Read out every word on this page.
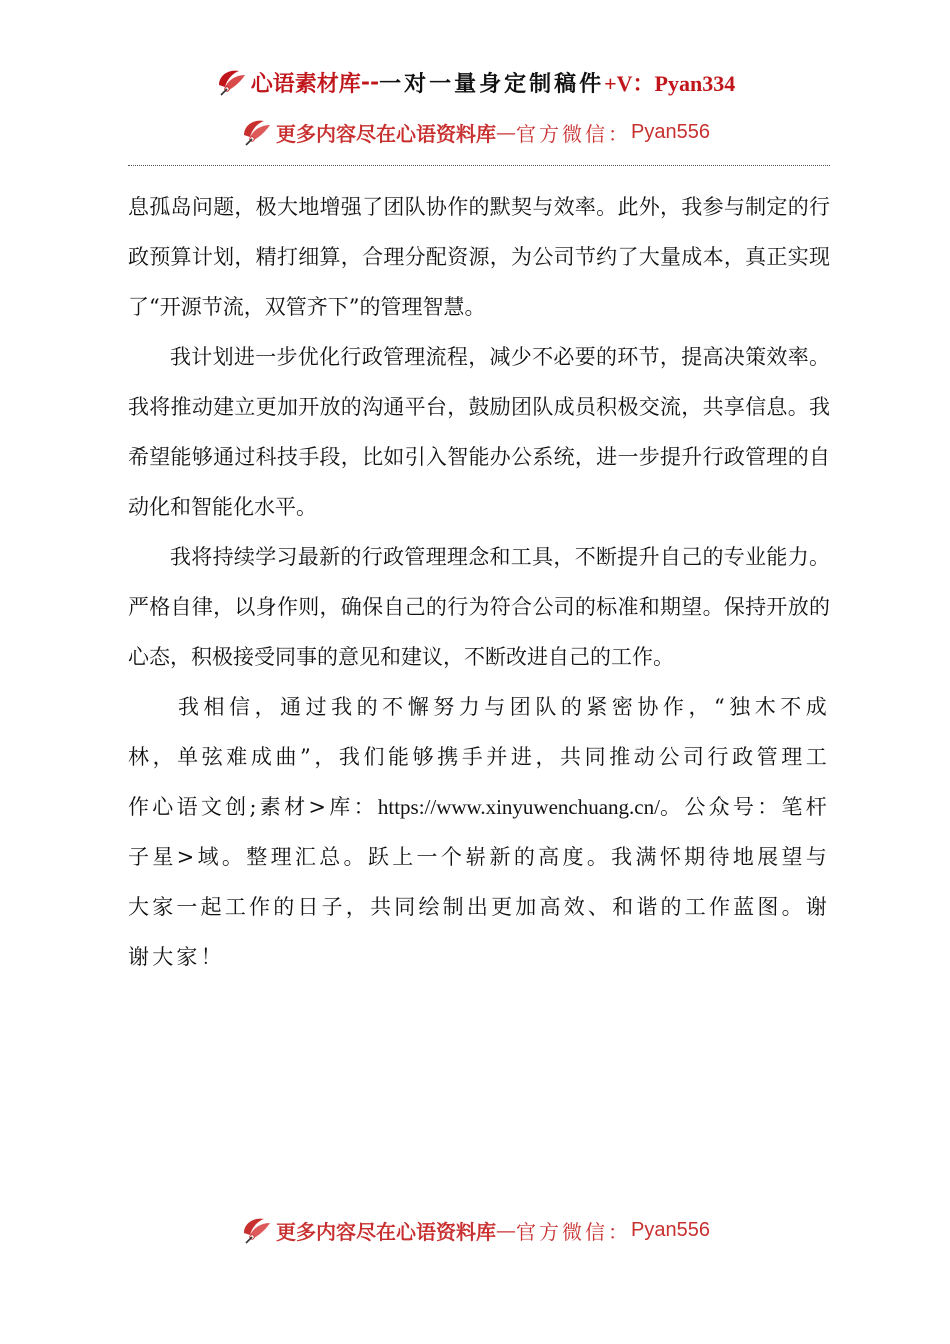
心语素材库 -- 一对一量身定制稿件 +V：Pyan334
更多内容尽在心语资料库 — 官方微信： Pyan556

息孤岛问题，极大地增强了团队协作的默契与效率。此外，我参与制定的行政预算计划，精打细算，合理分配资源，为公司节约了大量成本，真正实现了“开源节流，双管齐下”的管理智慧。

我计划进一步优化行政管理流程，减少不必要的环节，提高决策效率。我将推动建立更加开放的沟通平台，鼓励团队成员积极交流，共享信息。我希望能够通过科技手段，比如引入智能办公系统，进一步提升行政管理的自动化和智能化水平。

我将持续学习最新的行政管理理念和工具，不断提升自己的专业能力。严格自律，以身作则，确保自己的行为符合公司的标准和期望。保持开放的心态，积极接受同事的意见和建议，不断改进自己的工作。

我相信，通过我的不懈努力与团队的紧密协作，“独木不成林，单弦难成曲”，我们能够携手并进，共同推动公司行政管理工作心语文创;素材>库：https://www.xinyuwenchuang.cn/。公众号：笔杆子星>域。整理汇总。跃上一个崭新的高度。我满怀期待地展望与大家一起工作的日子，共同绘制出更加高效、和谐的工作蓝图。谢谢大家！

更多内容尽在心语资料库 — 官方微信： Pyan556
